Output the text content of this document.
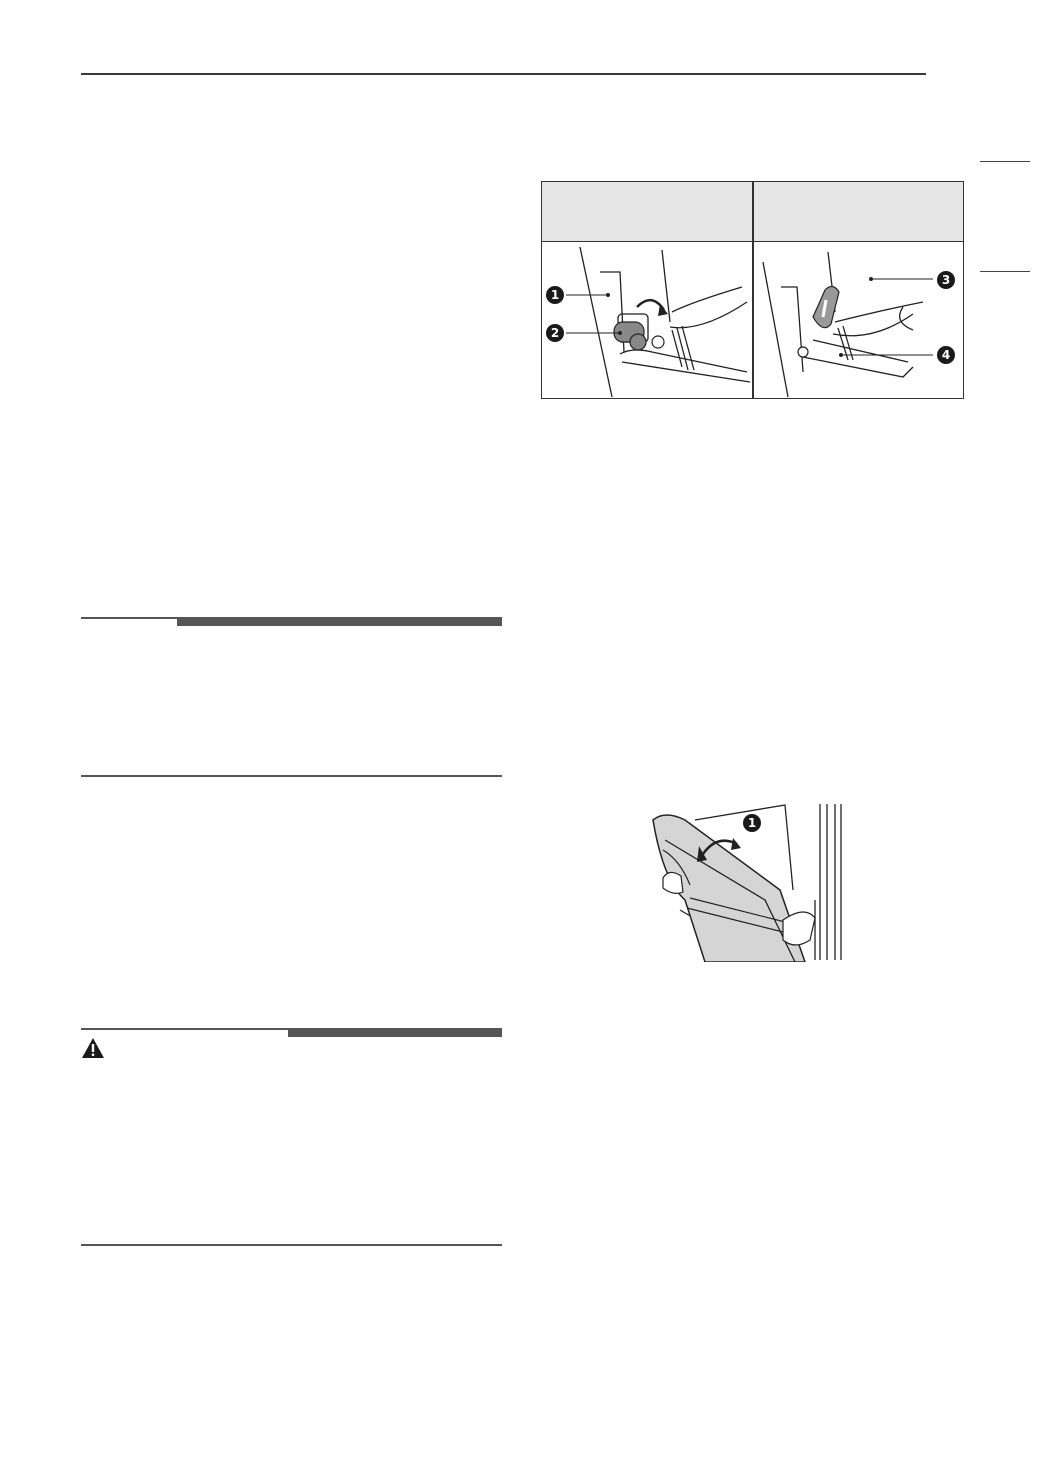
1
2
3
4
1
